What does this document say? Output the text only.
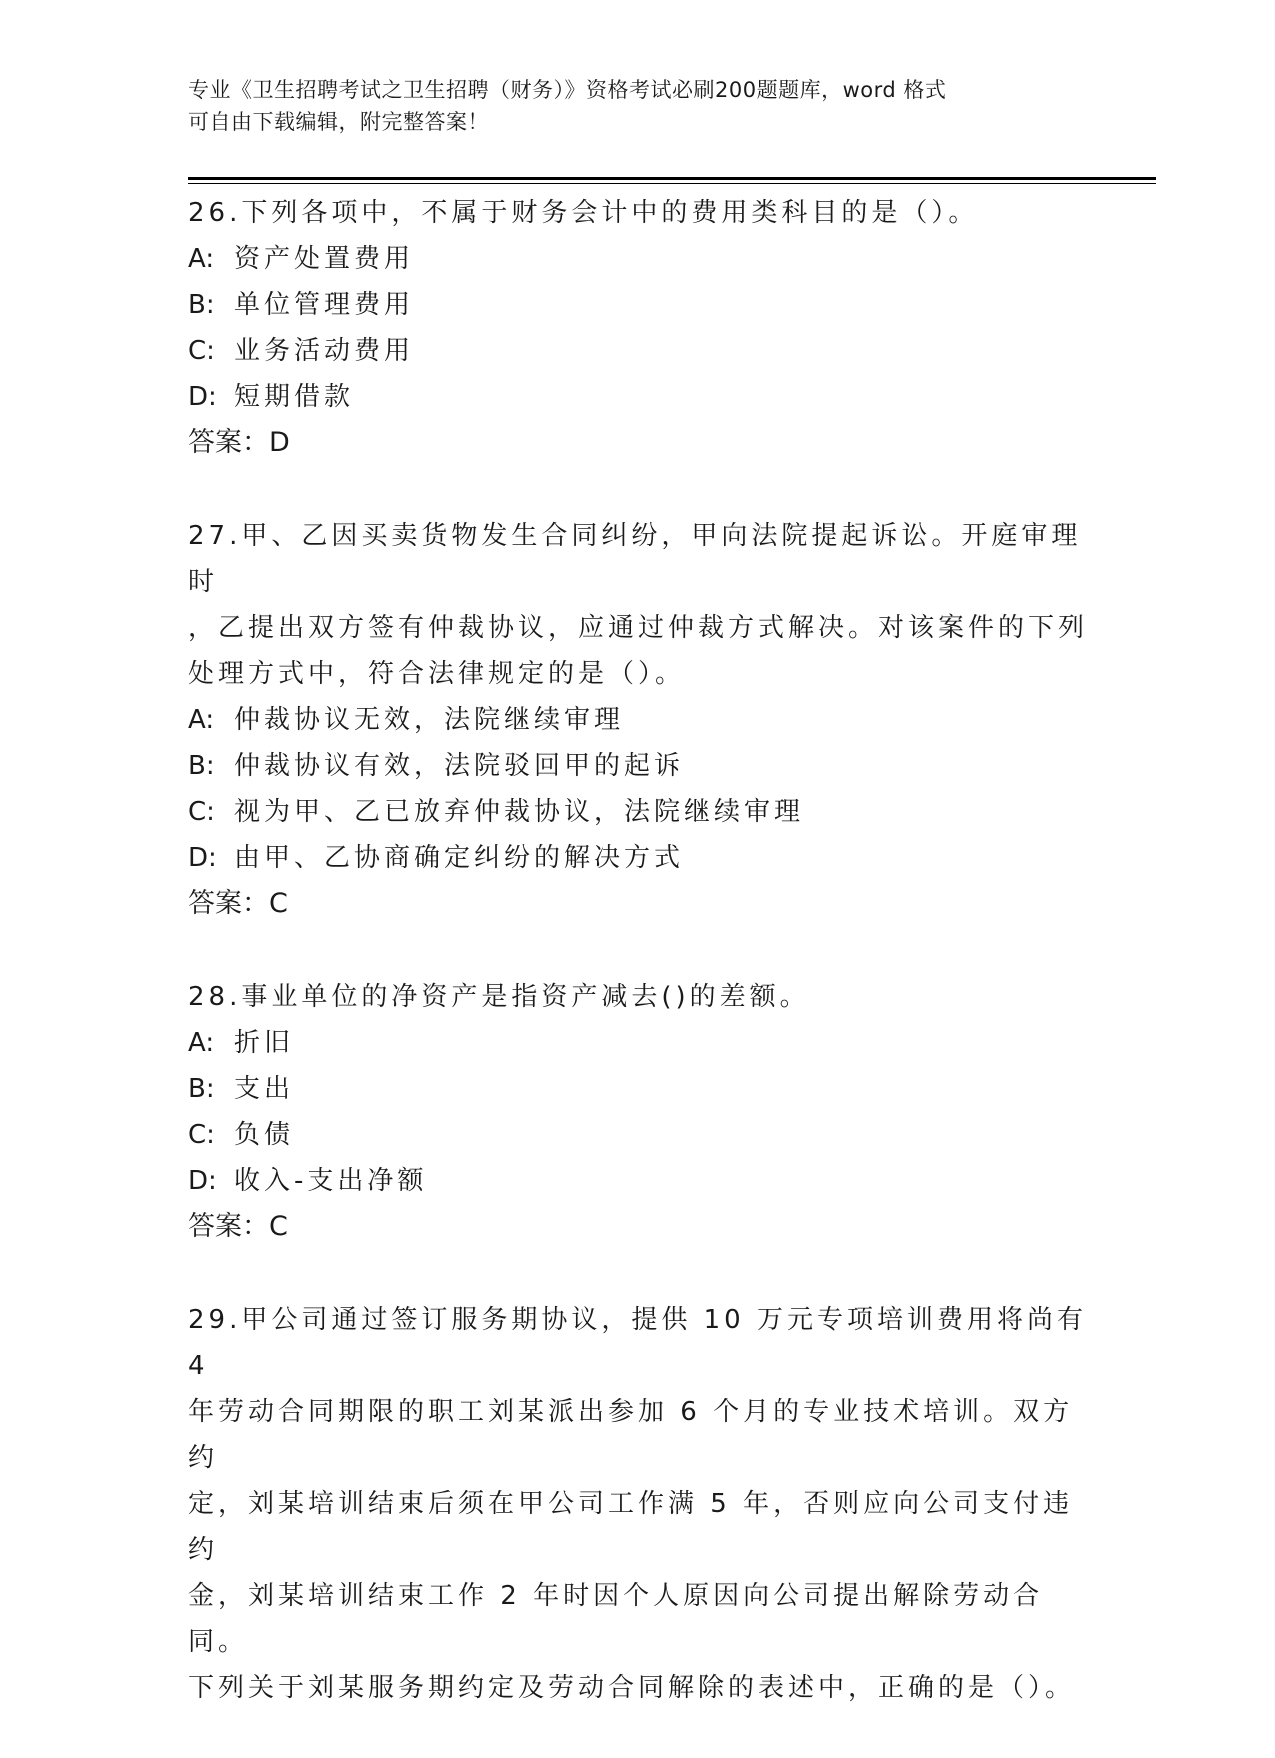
专业《卫生招聘考试之卫生招聘（财务）》资格考试必刷200题题库，word 格式
可自由下载编辑，附完整答案！

26.下列各项中，不属于财务会计中的费用类科目的是（）。

A: 资产处置费用

B: 单位管理费用

C: 业务活动费用

D: 短期借款

答案：D

27.甲、乙因买卖货物发生合同纠纷，甲向法院提起诉讼。开庭审理时

，乙提出双方签有仲裁协议，应通过仲裁方式解决。对该案件的下列

处理方式中，符合法律规定的是（）。

A: 仲裁协议无效，法院继续审理

B: 仲裁协议有效，法院驳回甲的起诉

C: 视为甲、乙已放弃仲裁协议，法院继续审理

D: 由甲、乙协商确定纠纷的解决方式

答案：C

28.事业单位的净资产是指资产减去()的差额。

A: 折旧

B: 支出

C: 负债

D: 收入-支出净额

答案：C

29.甲公司通过签订服务期协议，提供 10 万元专项培训费用将尚有 4

年劳动合同期限的职工刘某派出参加 6 个月的专业技术培训。双方约

定，刘某培训结束后须在甲公司工作满 5 年，否则应向公司支付违约

金，刘某培训结束工作 2 年时因个人原因向公司提出解除劳动合同。

下列关于刘某服务期约定及劳动合同解除的表述中，正确的是（）。
